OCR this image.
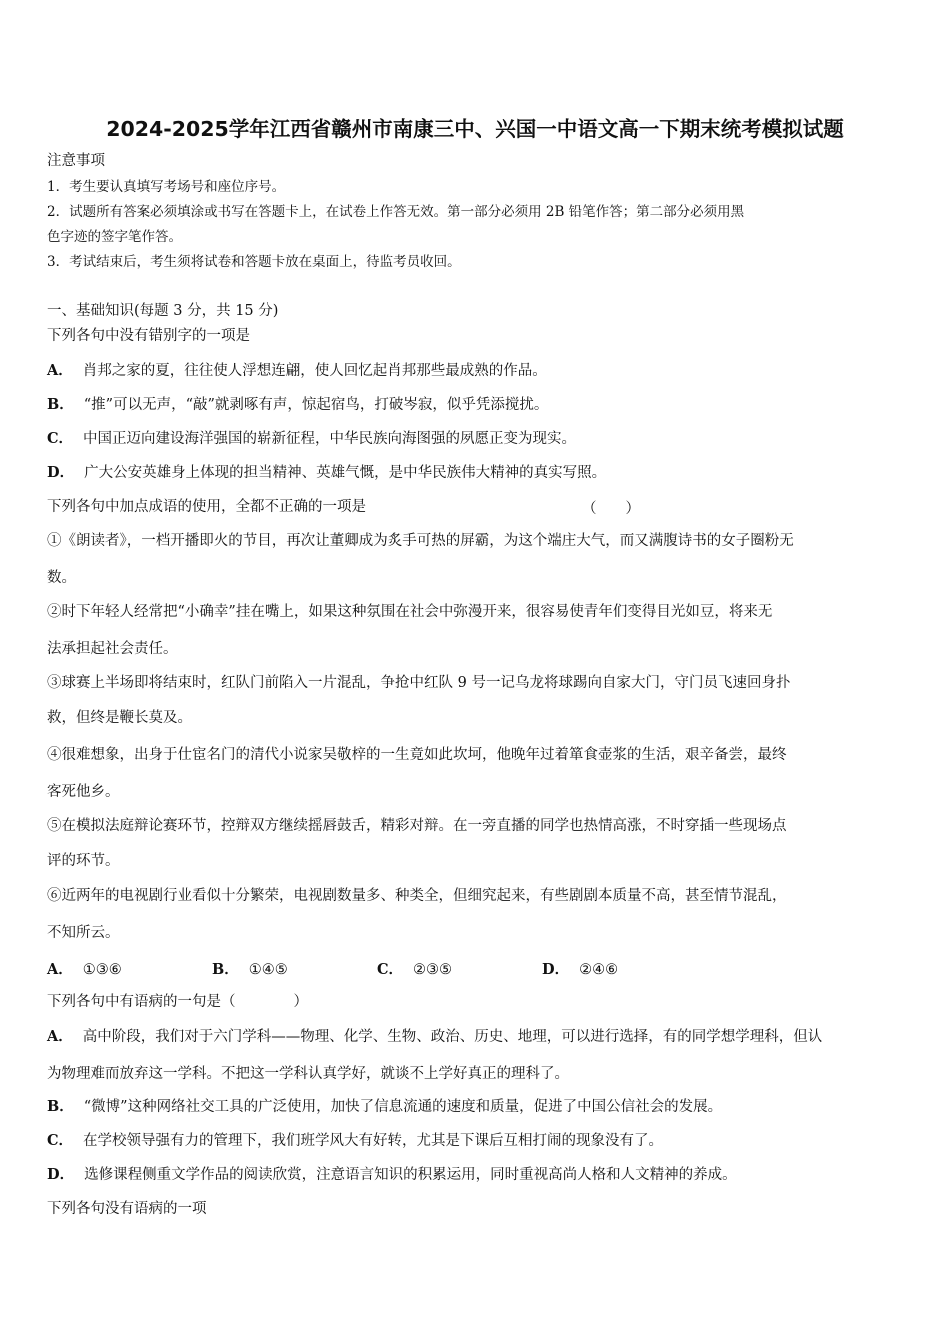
2024-2025学年江西省赣州市南康三中、兴国一中语文高一下期末统考模拟试题
注意事项
1．考生要认真填写考场号和座位序号。
2．试题所有答案必须填涂或书写在答题卡上，在试卷上作答无效。第一部分必须用 2B 铅笔作答；第二部分必须用黑
色字迹的签字笔作答。
3．考试结束后，考生须将试卷和答题卡放在桌面上，待监考员收回。
一、基础知识(每题 3 分，共 15 分)
下列各句中没有错别字的一项是
A． 肖邦之家的夏，往往使人浮想连翩，使人回忆起肖邦那些最成熟的作品。
B． “推”可以无声，“敲”就剥啄有声，惊起宿鸟，打破岑寂，似乎凭添搅扰。
C． 中国正迈向建设海洋强国的崭新征程，中华民族向海图强的夙愿正变为现实。
D． 广大公安英雄身上体现的担当精神、英雄气慨，是中华民族伟大精神的真实写照。
下列各句中加点成语的使用，全都不正确的一项是	（　　）
①《朗读者》，一档开播即火的节目，再次让董卿成为炙手可热的屏霸，为这个端庄大气，而又满腹诗书的女子圈粉无
数。
②时下年轻人经常把“小确幸”挂在嘴上，如果这种氛围在社会中弥漫开来，很容易使青年们变得目光如豆，将来无
法承担起社会责任。
③球赛上半场即将结束时，红队门前陷入一片混乱，争抢中红队 9 号一记乌龙将球踢向自家大门，守门员飞速回身扑
救，但终是鞭长莫及。
④很难想象，出身于仕宦名门的清代小说家吴敬梓的一生竟如此坎坷，他晚年过着箪食壶浆的生活，艰辛备尝，最终
客死他乡。
⑤在模拟法庭辩论赛环节，控辩双方继续摇唇鼓舌，精彩对辩。在一旁直播的同学也热情高涨，不时穿插一些现场点
评的环节。
⑥近两年的电视剧行业看似十分繁荣，电视剧数量多、种类全，但细究起来，有些剧剧本质量不高，甚至情节混乱，
不知所云。
A． ①③⑥	B． ①④⑤	C． ②③⑤	D． ②④⑥
下列各句中有语病的一句是（　　　　）
A． 高中阶段，我们对于六门学科——物理、化学、生物、政治、历史、地理，可以进行选择，有的同学想学理科，但认
为物理难而放弃这一学科。不把这一学科认真学好，就谈不上学好真正的理科了。
B． “微博”这种网络社交工具的广泛使用，加快了信息流通的速度和质量，促进了中国公信社会的发展。
C． 在学校领导强有力的管理下，我们班学风大有好转，尤其是下课后互相打闹的现象没有了。
D． 选修课程侧重文学作品的阅读欣赏，注意语言知识的积累运用，同时重视高尚人格和人文精神的养成。
下列各句没有语病的一项
